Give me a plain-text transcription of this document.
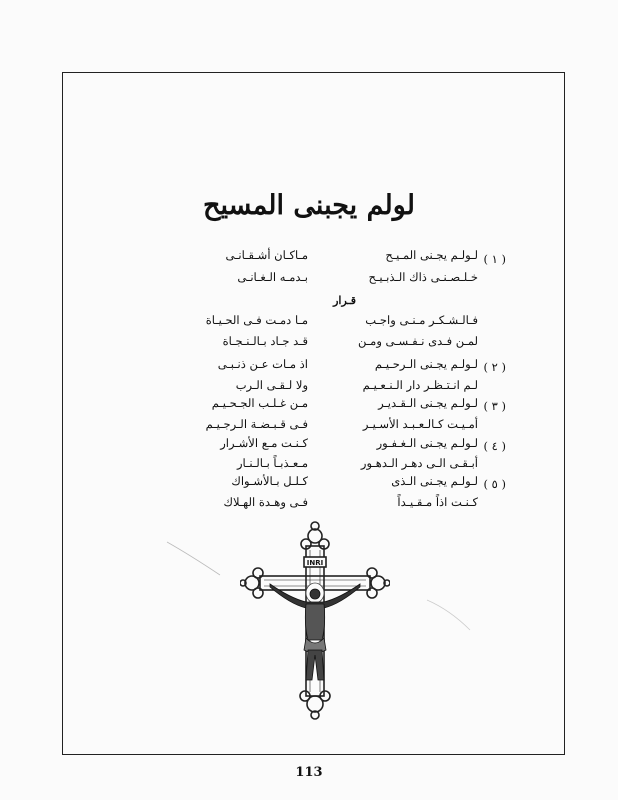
لولم يجبنى المسيح
( ١ )
لـولـم يجـنى المـيـح
مـاكـان أشـقـانـى
خـلـصـنـى ذاك الـذبـيـح
بـدمـه الـغـانـى
قـرار
فـالـشـكـر مـنـى واجـب
مـا دمـت فـى الحـيـاة
لمـن فـدى نـفـسـى ومـن
قـد جـاد بـالـنـجـاة
( ٢ )
لـولـم يجـنى الـرحـيـم
اذ مـات عـن ذنـبـى
لـم انـتـظـر دار الـنـعـيـم
ولا لـقـى الـرب
( ٣ )
لـولـم يجـنى الـقـديـر
مـن غـلـب الجـحـيـم
أمـيـت كـالـعـبـد الأسـيـر
فـى قـبـضـة الـرجـيـم
( ٤ )
لـولـم يجـنى الـغـفـور
كـنـت مـع الأشـرار
أبـقـى الـى دهـر الـدهـور
مـعـذبـاً بـالـنـار
( ٥ )
لـولـم يجـنى الـذى
كـلـل بـالأشـواك
كـنـت اذاً مـقـيـداً
فـى وهـدة الهـلاك
INRI
113
